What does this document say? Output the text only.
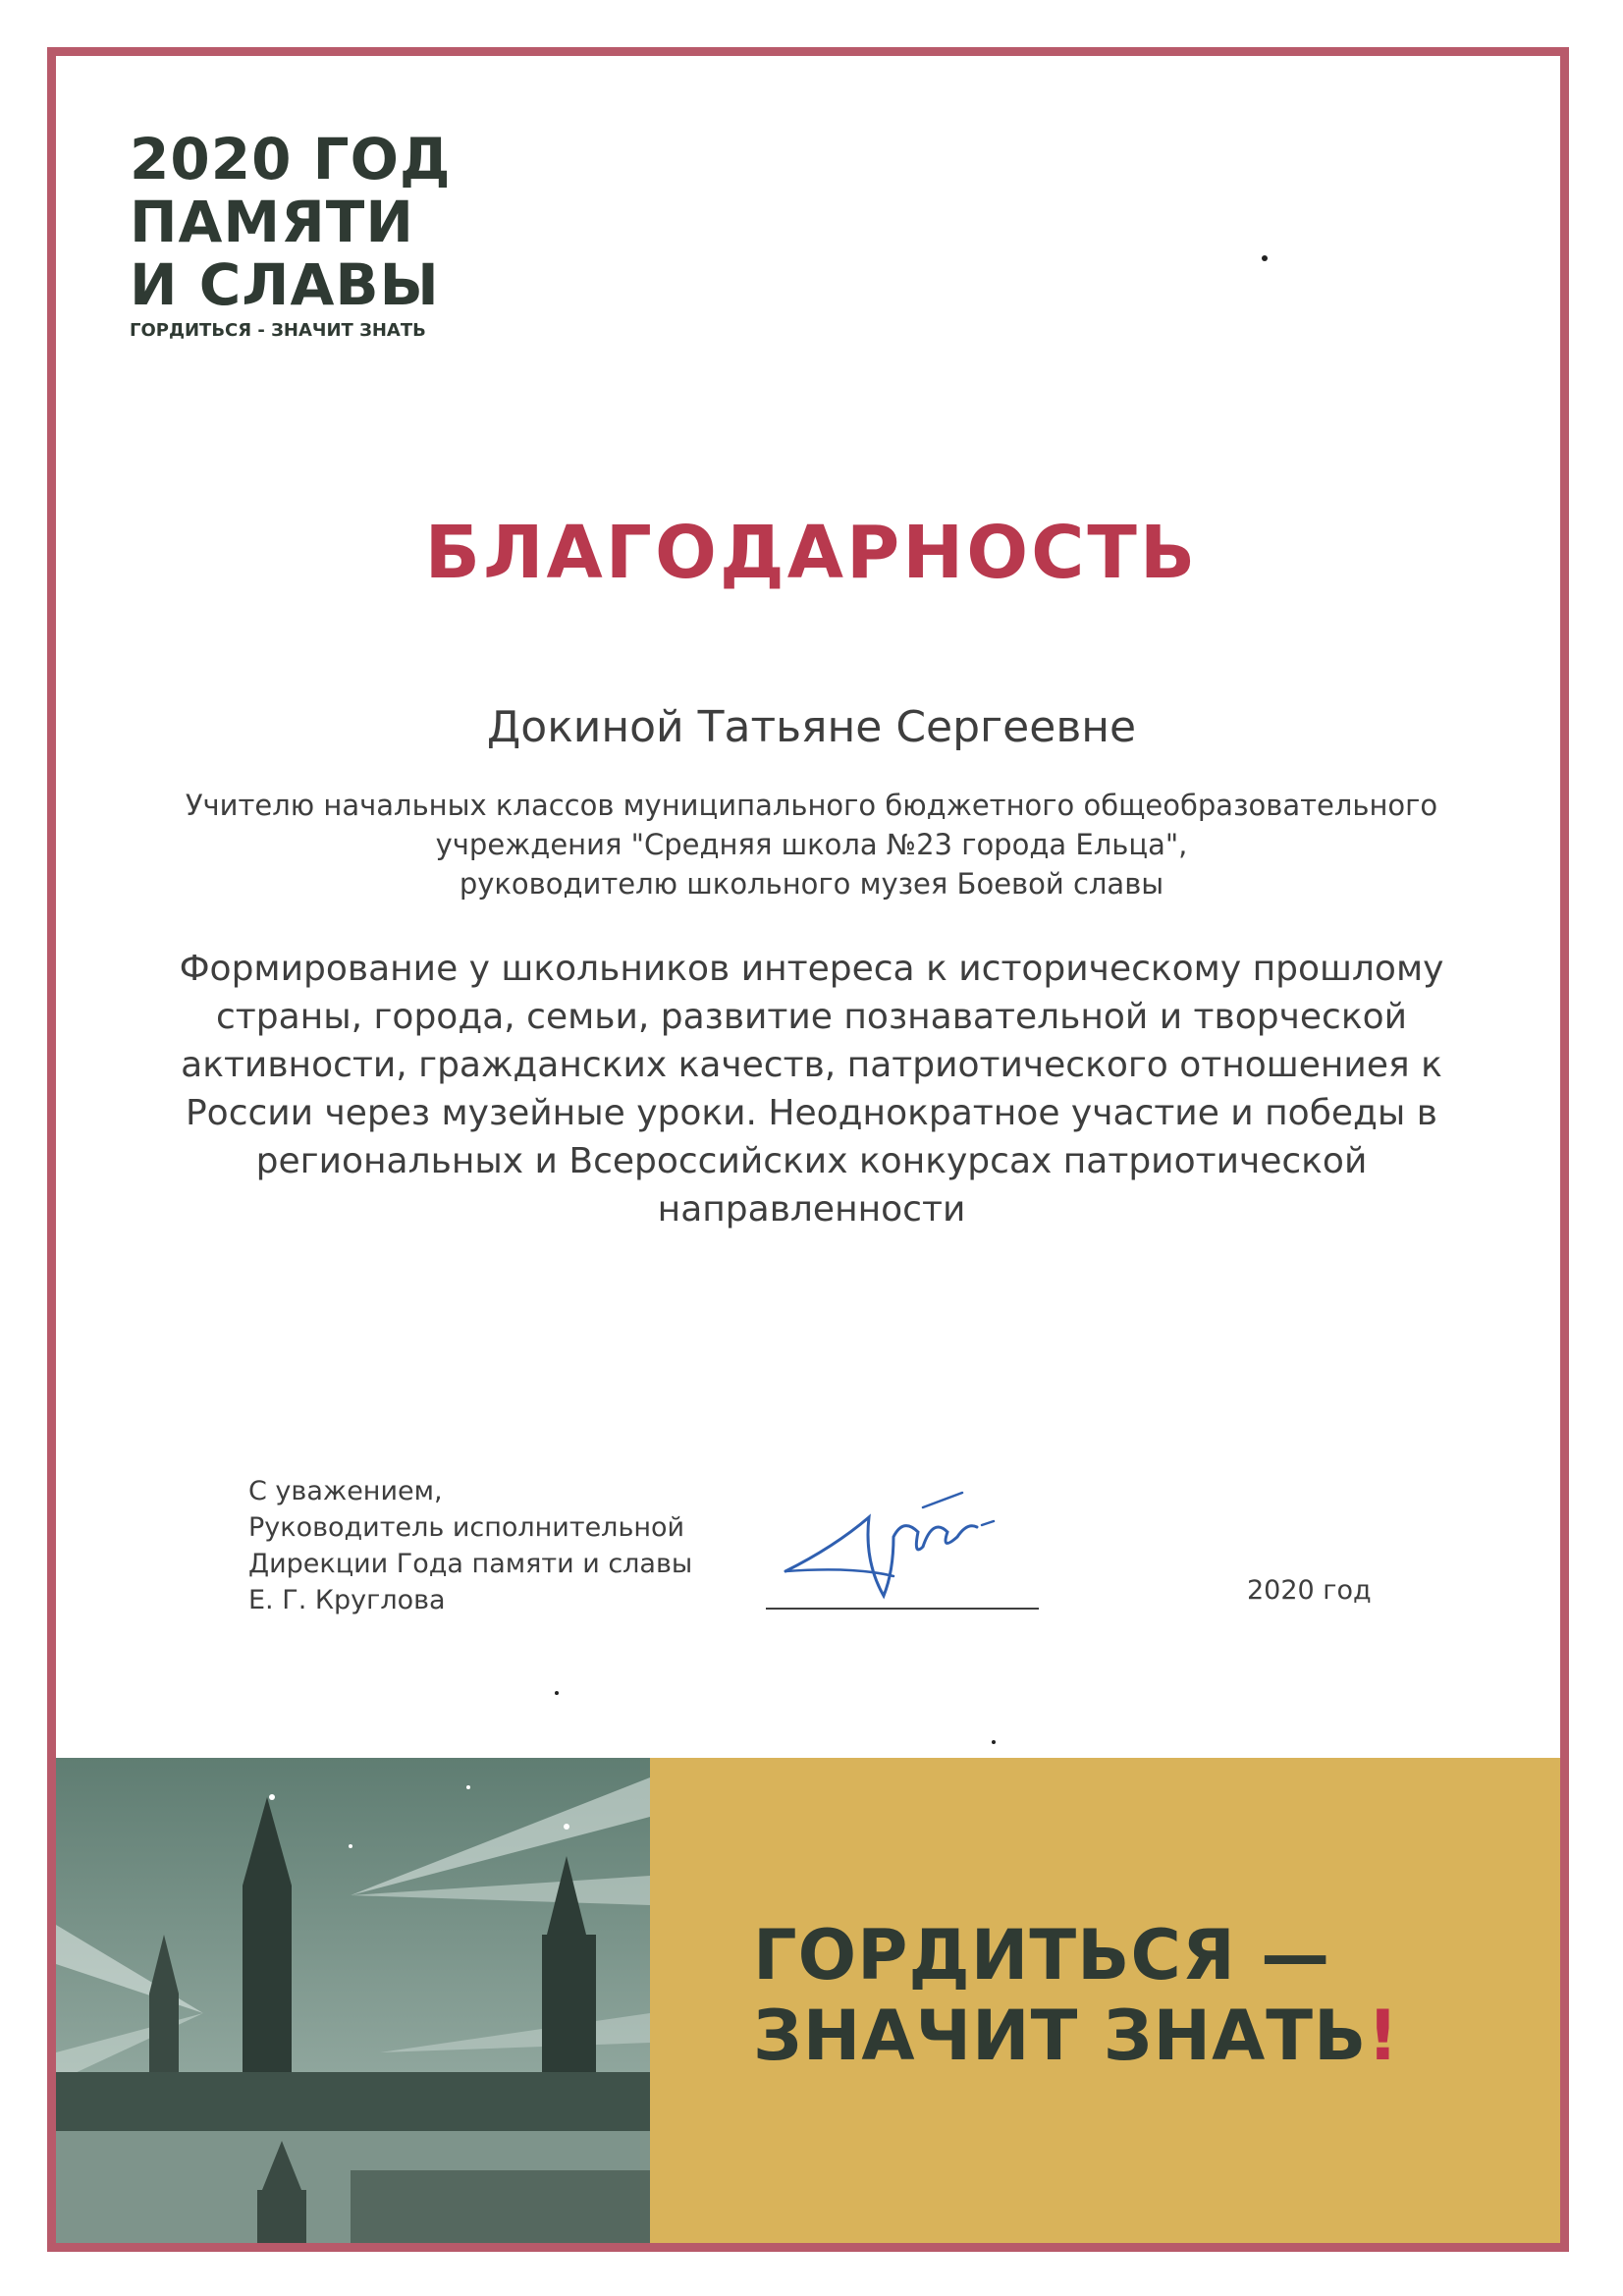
2020 ГОД
ПАМЯТИ
И СЛАВЫ
ГОРДИТЬСЯ - ЗНАЧИТ ЗНАТЬ
БЛАГОДАРНОСТЬ
Докиной Татьяне Сергеевне
Учителю начальных классов муниципального бюджетного общеобразовательного
учреждения "Средняя школа №23 города Ельца",
руководителю школьного музея Боевой славы
Формирование у школьников интереса к историческому прошлому
страны, города, семьи, развитие познавательной и творческой
активности, гражданских качеств, патриотического отношениея к
России через музейные уроки. Неоднократное участие и победы в
региональных и Всероссийских конкурсах патриотической
направленности
С уважением,
Руководитель исполнительной
Дирекции Года памяти и славы
Е. Г. Круглова	2020 год
ГОРДИТЬСЯ —
ЗНАЧИТ ЗНАТЬ!
